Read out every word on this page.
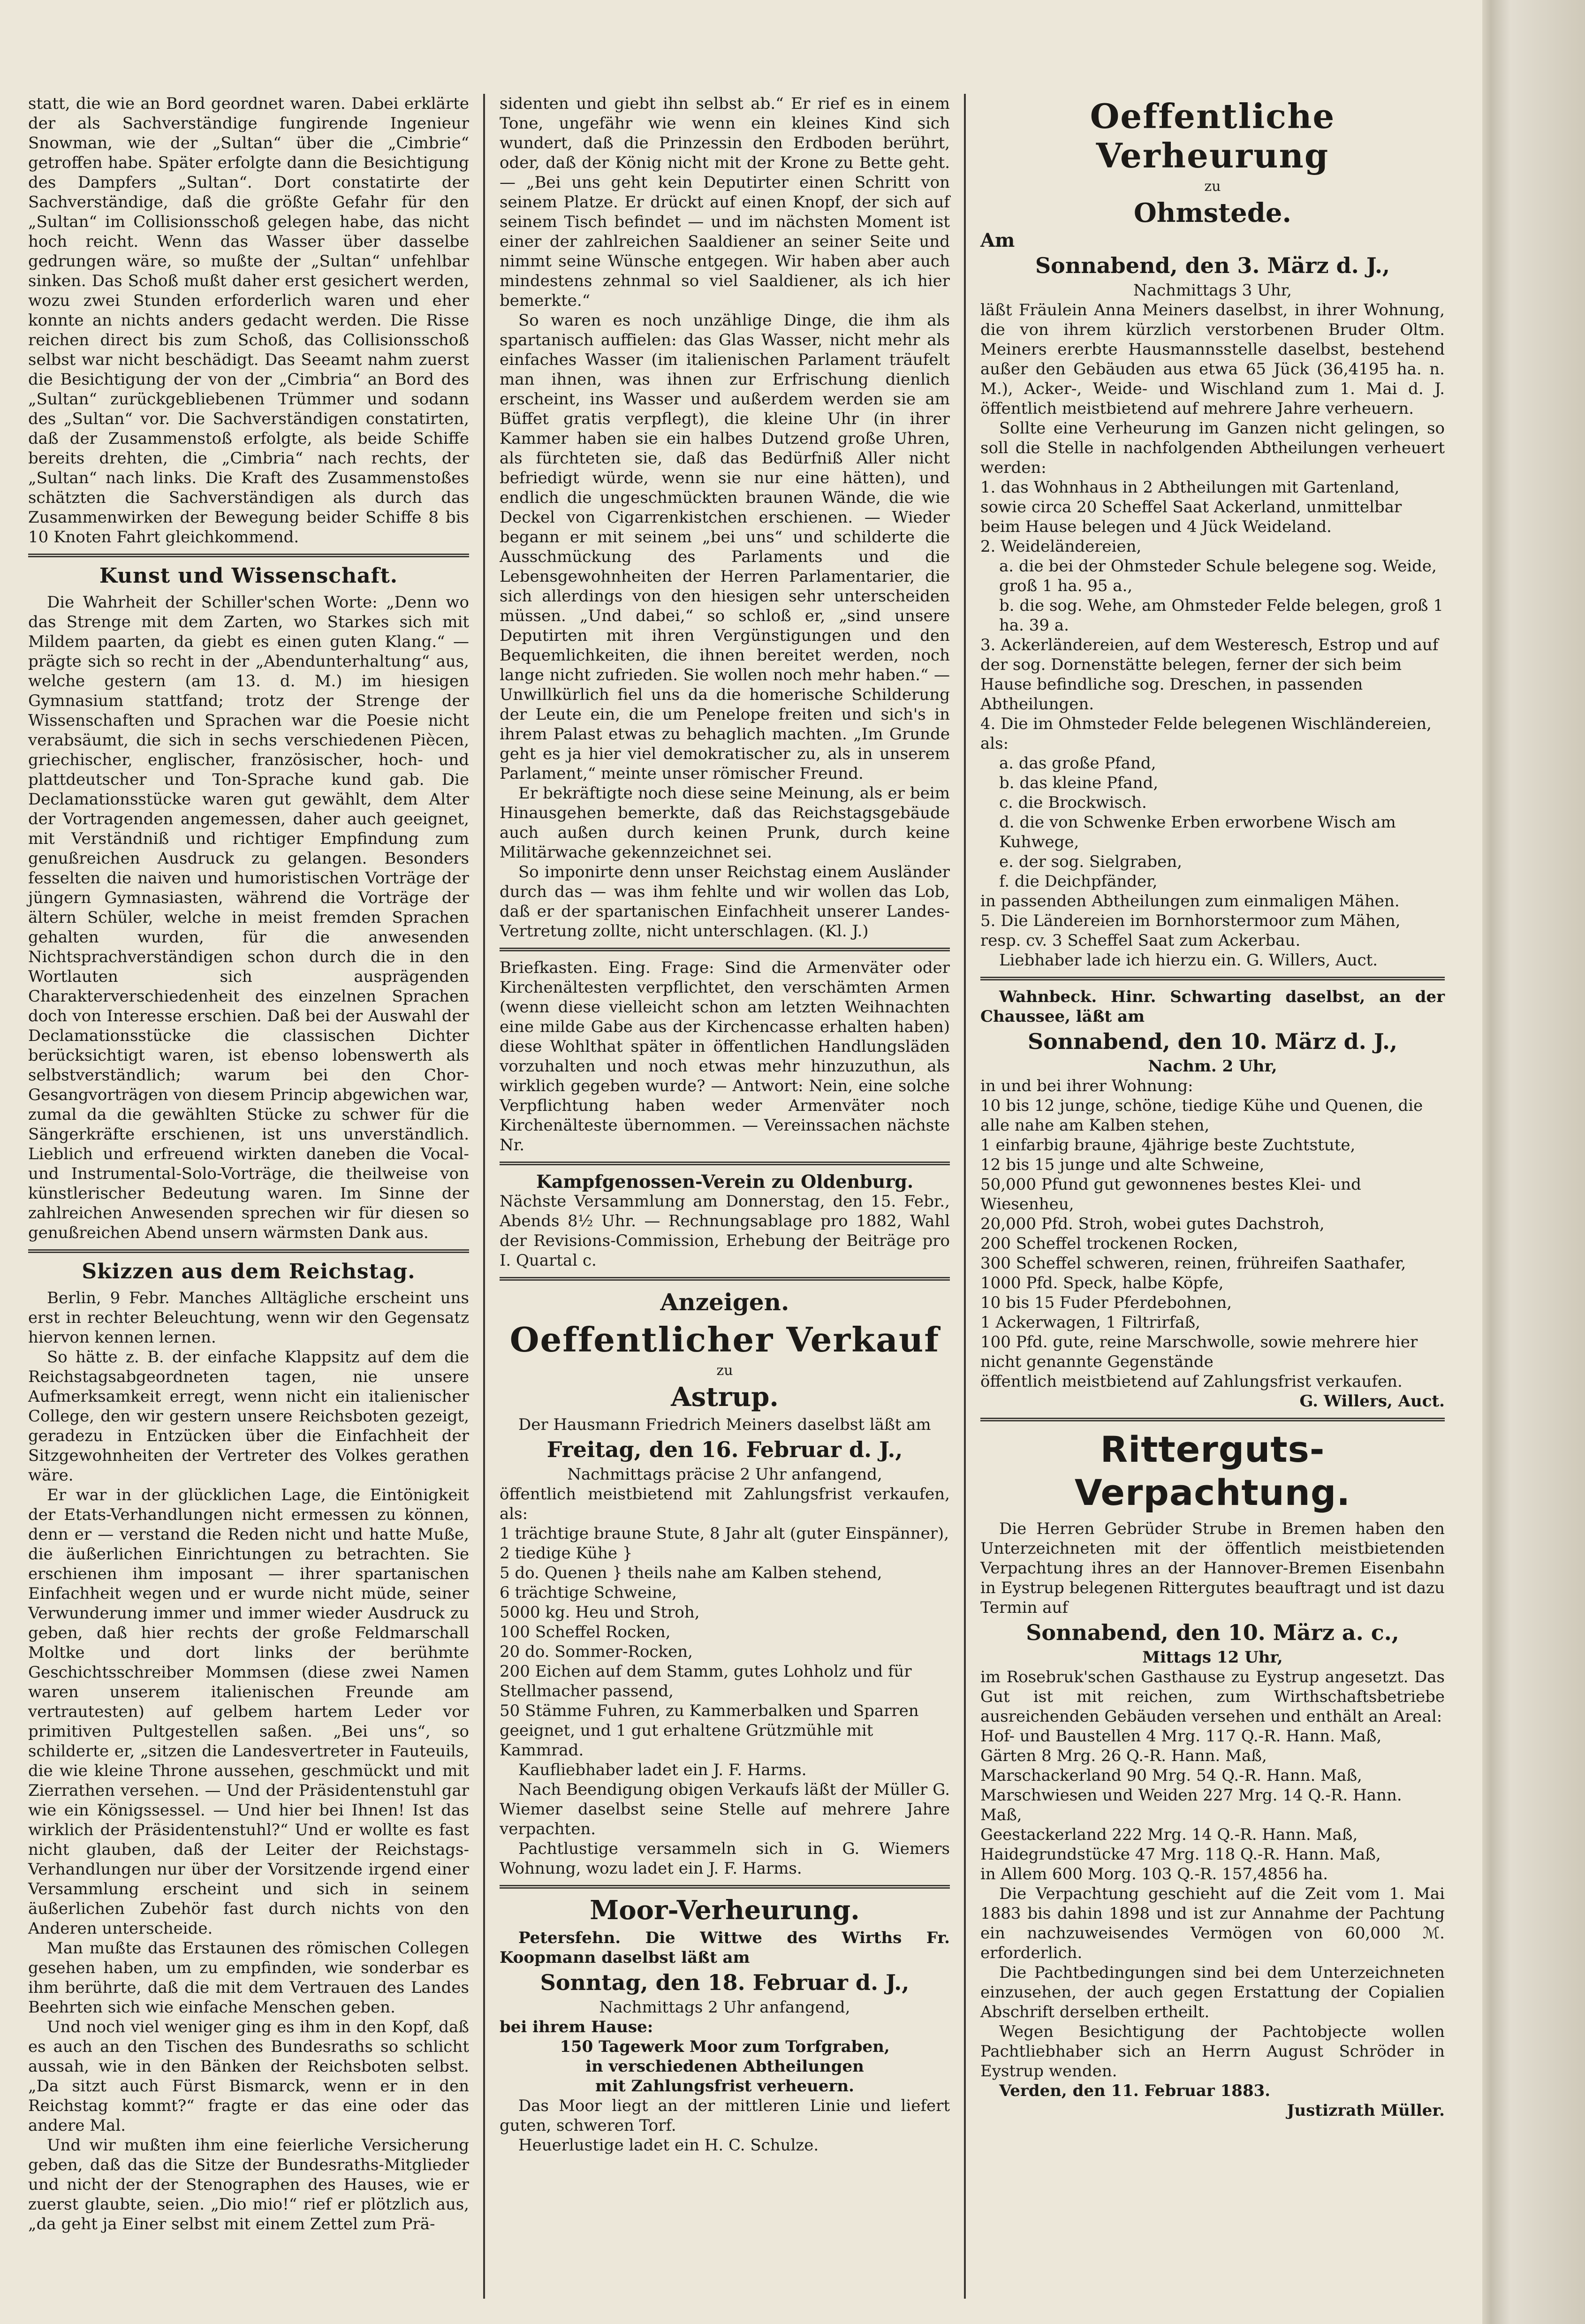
statt, die wie an Bord geordnet waren. Dabei erklärte der als Sachverständige fungirende Ingenieur Snowman, wie der „Sultan“ über die „Cimbrie“ getroffen habe. Später erfolgte dann die Besichtigung des Dampfers „Sultan“. Dort constatirte der Sachverständige, daß die größte Gefahr für den „Sultan“ im Collisionsschoß gelegen habe, das nicht hoch reicht. Wenn das Wasser über dasselbe gedrungen wäre, so mußte der „Sultan“ unfehlbar sinken. Das Schoß mußt daher erst gesichert werden, wozu zwei Stunden erforderlich waren und eher konnte an nichts anders gedacht werden. Die Risse reichen direct bis zum Schoß, das Collisionsschoß selbst war nicht beschädigt. Das Seeamt nahm zuerst die Besichtigung der von der „Cimbria“ an Bord des „Sultan“ zurückgebliebenen Trümmer und sodann des „Sultan“ vor. Die Sachverständigen constatirten, daß der Zusammenstoß erfolgte, als beide Schiffe bereits drehten, die „Cimbria“ nach rechts, der „Sultan“ nach links. Die Kraft des Zusammenstoßes schätzten die Sachverständigen als durch das Zusammenwirken der Bewegung beider Schiffe 8 bis 10 Knoten Fahrt gleichkommend.

Kunst und Wissenschaft.

Die Wahrheit der Schiller'schen Worte: „Denn wo das Strenge mit dem Zarten, wo Starkes sich mit Mildem paarten, da giebt es einen guten Klang.“ — prägte sich so recht in der „Abendunterhaltung“ aus, welche gestern (am 13. d. M.) im hiesigen Gymnasium stattfand; trotz der Strenge der Wissenschaften und Sprachen war die Poesie nicht verabsäumt, die sich in sechs verschiedenen Piècen, griechischer, englischer, französischer, hoch- und plattdeutscher und Ton-Sprache kund gab. Die Declamationsstücke waren gut gewählt, dem Alter der Vortragenden angemessen, daher auch geeignet, mit Verständniß und richtiger Empfindung zum genußreichen Ausdruck zu gelangen. Besonders fesselten die naiven und humoristischen Vorträge der jüngern Gymnasiasten, während die Vorträge der ältern Schüler, welche in meist fremden Sprachen gehalten wurden, für die anwesenden Nichtsprachverständigen schon durch die in den Wortlauten sich ausprägenden Charakterverschiedenheit des einzelnen Sprachen doch von Interesse erschien. Daß bei der Auswahl der Declamationsstücke die classischen Dichter berücksichtigt waren, ist ebenso lobenswerth als selbstverständlich; warum bei den Chor-Gesangvorträgen von diesem Princip abgewichen war, zumal da die gewählten Stücke zu schwer für die Sängerkräfte erschienen, ist uns unverständlich. Lieblich und erfreuend wirkten daneben die Vocal- und Instrumental-Solo-Vorträge, die theilweise von künstlerischer Bedeutung waren. Im Sinne der zahlreichen Anwesenden sprechen wir für diesen so genußreichen Abend unsern wärmsten Dank aus.

Skizzen aus dem Reichstag.

Berlin, 9 Febr. Manches Alltägliche erscheint uns erst in rechter Beleuchtung, wenn wir den Gegensatz hiervon kennen lernen.

So hätte z. B. der einfache Klappsitz auf dem die Reichstagsabgeordneten tagen, nie unsere Aufmerksamkeit erregt, wenn nicht ein italienischer College, den wir gestern unsere Reichsboten gezeigt, geradezu in Entzücken über die Einfachheit der Sitzgewohnheiten der Vertreter des Volkes gerathen wäre.

Er war in der glücklichen Lage, die Eintönigkeit der Etats-Verhandlungen nicht ermessen zu können, denn er — verstand die Reden nicht und hatte Muße, die äußerlichen Einrichtungen zu betrachten. Sie erschienen ihm imposant — ihrer spartanischen Einfachheit wegen und er wurde nicht müde, seiner Verwunderung immer und immer wieder Ausdruck zu geben, daß hier rechts der große Feldmarschall Moltke und dort links der berühmte Geschichtsschreiber Mommsen (diese zwei Namen waren unserem italienischen Freunde am vertrautesten) auf gelbem hartem Leder vor primitiven Pultgestellen saßen. „Bei uns“, so schilderte er, „sitzen die Landesvertreter in Fauteuils, die wie kleine Throne aussehen, geschmückt und mit Zierrathen versehen. — Und der Präsidentenstuhl gar wie ein Königssessel. — Und hier bei Ihnen! Ist das wirklich der Präsidentenstuhl?“ Und er wollte es fast nicht glauben, daß der Leiter der Reichstags-Verhandlungen nur über der Vorsitzende irgend einer Versammlung erscheint und sich in seinem äußerlichen Zubehör fast durch nichts von den Anderen unterscheide.

Man mußte das Erstaunen des römischen Collegen gesehen haben, um zu empfinden, wie sonderbar es ihm berührte, daß die mit dem Vertrauen des Landes Beehrten sich wie einfache Menschen geben.

Und noch viel weniger ging es ihm in den Kopf, daß es auch an den Tischen des Bundesraths so schlicht aussah, wie in den Bänken der Reichsboten selbst. „Da sitzt auch Fürst Bismarck, wenn er in den Reichstag kommt?“ fragte er das eine oder das andere Mal.

Und wir mußten ihm eine feierliche Versicherung geben, daß das die Sitze der Bundesraths-Mitglieder und nicht der der Stenographen des Hauses, wie er zuerst glaubte, seien. „Dio mio!“ rief er plötzlich aus, „da geht ja Einer selbst mit einem Zettel zum Prä-

sidenten und giebt ihn selbst ab.“ Er rief es in einem Tone, ungefähr wie wenn ein kleines Kind sich wundert, daß die Prinzessin den Erdboden berührt, oder, daß der König nicht mit der Krone zu Bette geht. — „Bei uns geht kein Deputirter einen Schritt von seinem Platze. Er drückt auf einen Knopf, der sich auf seinem Tisch befindet — und im nächsten Moment ist einer der zahlreichen Saaldiener an seiner Seite und nimmt seine Wünsche entgegen. Wir haben aber auch mindestens zehnmal so viel Saaldiener, als ich hier bemerkte.“

So waren es noch unzählige Dinge, die ihm als spartanisch auffielen: das Glas Wasser, nicht mehr als einfaches Wasser (im italienischen Parlament träufelt man ihnen, was ihnen zur Erfrischung dienlich erscheint, ins Wasser und außerdem werden sie am Büffet gratis verpflegt), die kleine Uhr (in ihrer Kammer haben sie ein halbes Dutzend große Uhren, als fürchteten sie, daß das Bedürfniß Aller nicht befriedigt würde, wenn sie nur eine hätten), und endlich die ungeschmückten braunen Wände, die wie Deckel von Cigarrenkistchen erschienen. — Wieder begann er mit seinem „bei uns“ und schilderte die Ausschmückung des Parlaments und die Lebensgewohnheiten der Herren Parlamentarier, die sich allerdings von den hiesigen sehr unterscheiden müssen. „Und dabei,“ so schloß er, „sind unsere Deputirten mit ihren Vergünstigungen und den Bequemlichkeiten, die ihnen bereitet werden, noch lange nicht zufrieden. Sie wollen noch mehr haben.“ — Unwillkürlich fiel uns da die homerische Schilderung der Leute ein, die um Penelope freiten und sich's in ihrem Palast etwas zu behaglich machten. „Im Grunde geht es ja hier viel demokratischer zu, als in unserem Parlament,“ meinte unser römischer Freund.

Er bekräftigte noch diese seine Meinung, als er beim Hinausgehen bemerkte, daß das Reichstagsgebäude auch außen durch keinen Prunk, durch keine Militärwache gekennzeichnet sei.

So imponirte denn unser Reichstag einem Ausländer durch das — was ihm fehlte und wir wollen das Lob, daß er der spartanischen Einfachheit unserer Landes-Vertretung zollte, nicht unterschlagen. (Kl. J.)

Briefkasten. Eing. Frage: Sind die Armenväter oder Kirchenältesten verpflichtet, den verschämten Armen (wenn diese vielleicht schon am letzten Weihnachten eine milde Gabe aus der Kirchencasse erhalten haben) diese Wohlthat später in öffentlichen Handlungsläden vorzuhalten und noch etwas mehr hinzuzuthun, als wirklich gegeben wurde? — Antwort: Nein, eine solche Verpflichtung haben weder Armenväter noch Kirchenälteste übernommen. — Vereinssachen nächste Nr.

Kampfgenossen-Verein zu Oldenburg.

Nächste Versammlung am Donnerstag, den 15. Febr., Abends 8½ Uhr. — Rechnungsablage pro 1882, Wahl der Revisions-Commission, Erhebung der Beiträge pro I. Quartal c.

Anzeigen.
Oeffentlicher Verkauf

zu

Astrup.

Der Hausmann Friedrich Meiners daselbst läßt am

Freitag, den 16. Februar d. J.,

Nachmittags präcise 2 Uhr anfangend,

öffentlich meistbietend mit Zahlungsfrist verkaufen, als:

1 trächtige braune Stute, 8 Jahr alt (guter Einspänner),

2 tiedige Kühe }

5 do. Quenen } theils nahe am Kalben stehend,

6 trächtige Schweine,

5000 kg. Heu und Stroh,

100 Scheffel Rocken,

20 do. Sommer-Rocken,

200 Eichen auf dem Stamm, gutes Lohholz und für Stellmacher passend,

50 Stämme Fuhren, zu Kammerbalken und Sparren geeignet, und 1 gut erhaltene Grützmühle mit Kammrad.

Kaufliebhaber ladet ein J. F. Harms.

Nach Beendigung obigen Verkaufs läßt der Müller G. Wiemer daselbst seine Stelle auf mehrere Jahre verpachten.

Pachtlustige versammeln sich in G. Wiemers Wohnung, wozu ladet ein J. F. Harms.

Moor-Verheurung.

Petersfehn. Die Wittwe des Wirths Fr. Koopmann daselbst läßt am

Sonntag, den 18. Februar d. J.,

Nachmittags 2 Uhr anfangend,

bei ihrem Hause:

150 Tagewerk Moor zum Torfgraben,

in verschiedenen Abtheilungen

mit Zahlungsfrist verheuern.

Das Moor liegt an der mittleren Linie und liefert guten, schweren Torf.

Heuerlustige ladet ein H. C. Schulze.

Oeffentliche Verheurung

zu

Ohmstede.

Am

Sonnabend, den 3. März d. J.,

Nachmittags 3 Uhr,

läßt Fräulein Anna Meiners daselbst, in ihrer Wohnung, die von ihrem kürzlich verstorbenen Bruder Oltm. Meiners ererbte Hausmannsstelle daselbst, bestehend außer den Gebäuden aus etwa 65 Jück (36,4195 ha. n. M.), Acker-, Weide- und Wischland zum 1. Mai d. J. öffentlich meistbietend auf mehrere Jahre verheuern.

Sollte eine Verheurung im Ganzen nicht gelingen, so soll die Stelle in nachfolgenden Abtheilungen verheuert werden:

1. das Wohnhaus in 2 Abtheilungen mit Gartenland, sowie circa 20 Scheffel Saat Ackerland, unmittelbar beim Hause belegen und 4 Jück Weideland.

2. Weideländereien,

a. die bei der Ohmsteder Schule belegene sog. Weide, groß 1 ha. 95 a.,

b. die sog. Wehe, am Ohmsteder Felde belegen, groß 1 ha. 39 a.

3. Ackerländereien, auf dem Westeresch, Estrop und auf der sog. Dornenstätte belegen, ferner der sich beim Hause befindliche sog. Dreschen, in passenden Abtheilungen.

4. Die im Ohmsteder Felde belegenen Wischländereien, als:

a. das große Pfand,

b. das kleine Pfand,

c. die Brockwisch.

d. die von Schwenke Erben erworbene Wisch am Kuhwege,

e. der sog. Sielgraben,

f. die Deichpfänder,

in passenden Abtheilungen zum einmaligen Mähen.

5. Die Ländereien im Bornhorstermoor zum Mähen, resp. cv. 3 Scheffel Saat zum Ackerbau.

Liebhaber lade ich hierzu ein. G. Willers, Auct.

Wahnbeck. Hinr. Schwarting daselbst, an der Chaussee, läßt am

Sonnabend, den 10. März d. J.,

Nachm. 2 Uhr,

in und bei ihrer Wohnung:

10 bis 12 junge, schöne, tiedige Kühe und Quenen, die alle nahe am Kalben stehen,

1 einfarbig braune, 4jährige beste Zuchtstute,

12 bis 15 junge und alte Schweine,

50,000 Pfund gut gewonnenes bestes Klei- und Wiesenheu,

20,000 Pfd. Stroh, wobei gutes Dachstroh,

200 Scheffel trockenen Rocken,

300 Scheffel schweren, reinen, frühreifen Saathafer,

1000 Pfd. Speck, halbe Köpfe,

10 bis 15 Fuder Pferdebohnen,

1 Ackerwagen, 1 Filtrirfaß,

100 Pfd. gute, reine Marschwolle, sowie mehrere hier nicht genannte Gegenstände

öffentlich meistbietend auf Zahlungsfrist verkaufen.

G. Willers, Auct.

Ritterguts-Verpachtung.

Die Herren Gebrüder Strube in Bremen haben den Unterzeichneten mit der öffentlich meistbietenden Verpachtung ihres an der Hannover-Bremen Eisenbahn in Eystrup belegenen Rittergutes beauftragt und ist dazu Termin auf

Sonnabend, den 10. März a. c.,

Mittags 12 Uhr,

im Rosebruk'schen Gasthause zu Eystrup angesetzt. Das Gut ist mit reichen, zum Wirthschaftsbetriebe ausreichenden Gebäuden versehen und enthält an Areal:

Hof- und Baustellen 4 Mrg. 117 Q.-R. Hann. Maß,

Gärten 8 Mrg. 26 Q.-R. Hann. Maß,

Marschackerland 90 Mrg. 54 Q.-R. Hann. Maß,

Marschwiesen und Weiden 227 Mrg. 14 Q.-R. Hann. Maß,

Geestackerland 222 Mrg. 14 Q.-R. Hann. Maß,

Haidegrundstücke 47 Mrg. 118 Q.-R. Hann. Maß,

in Allem 600 Morg. 103 Q.-R. 157,4856 ha.

Die Verpachtung geschieht auf die Zeit vom 1. Mai 1883 bis dahin 1898 und ist zur Annahme der Pachtung ein nachzuweisendes Vermögen von 60,000 ℳ. erforderlich.

Die Pachtbedingungen sind bei dem Unterzeichneten einzusehen, der auch gegen Erstattung der Copialien Abschrift derselben ertheilt.

Wegen Besichtigung der Pachtobjecte wollen Pachtliebhaber sich an Herrn August Schröder in Eystrup wenden.

Verden, den 11. Februar 1883.

Justizrath Müller.
